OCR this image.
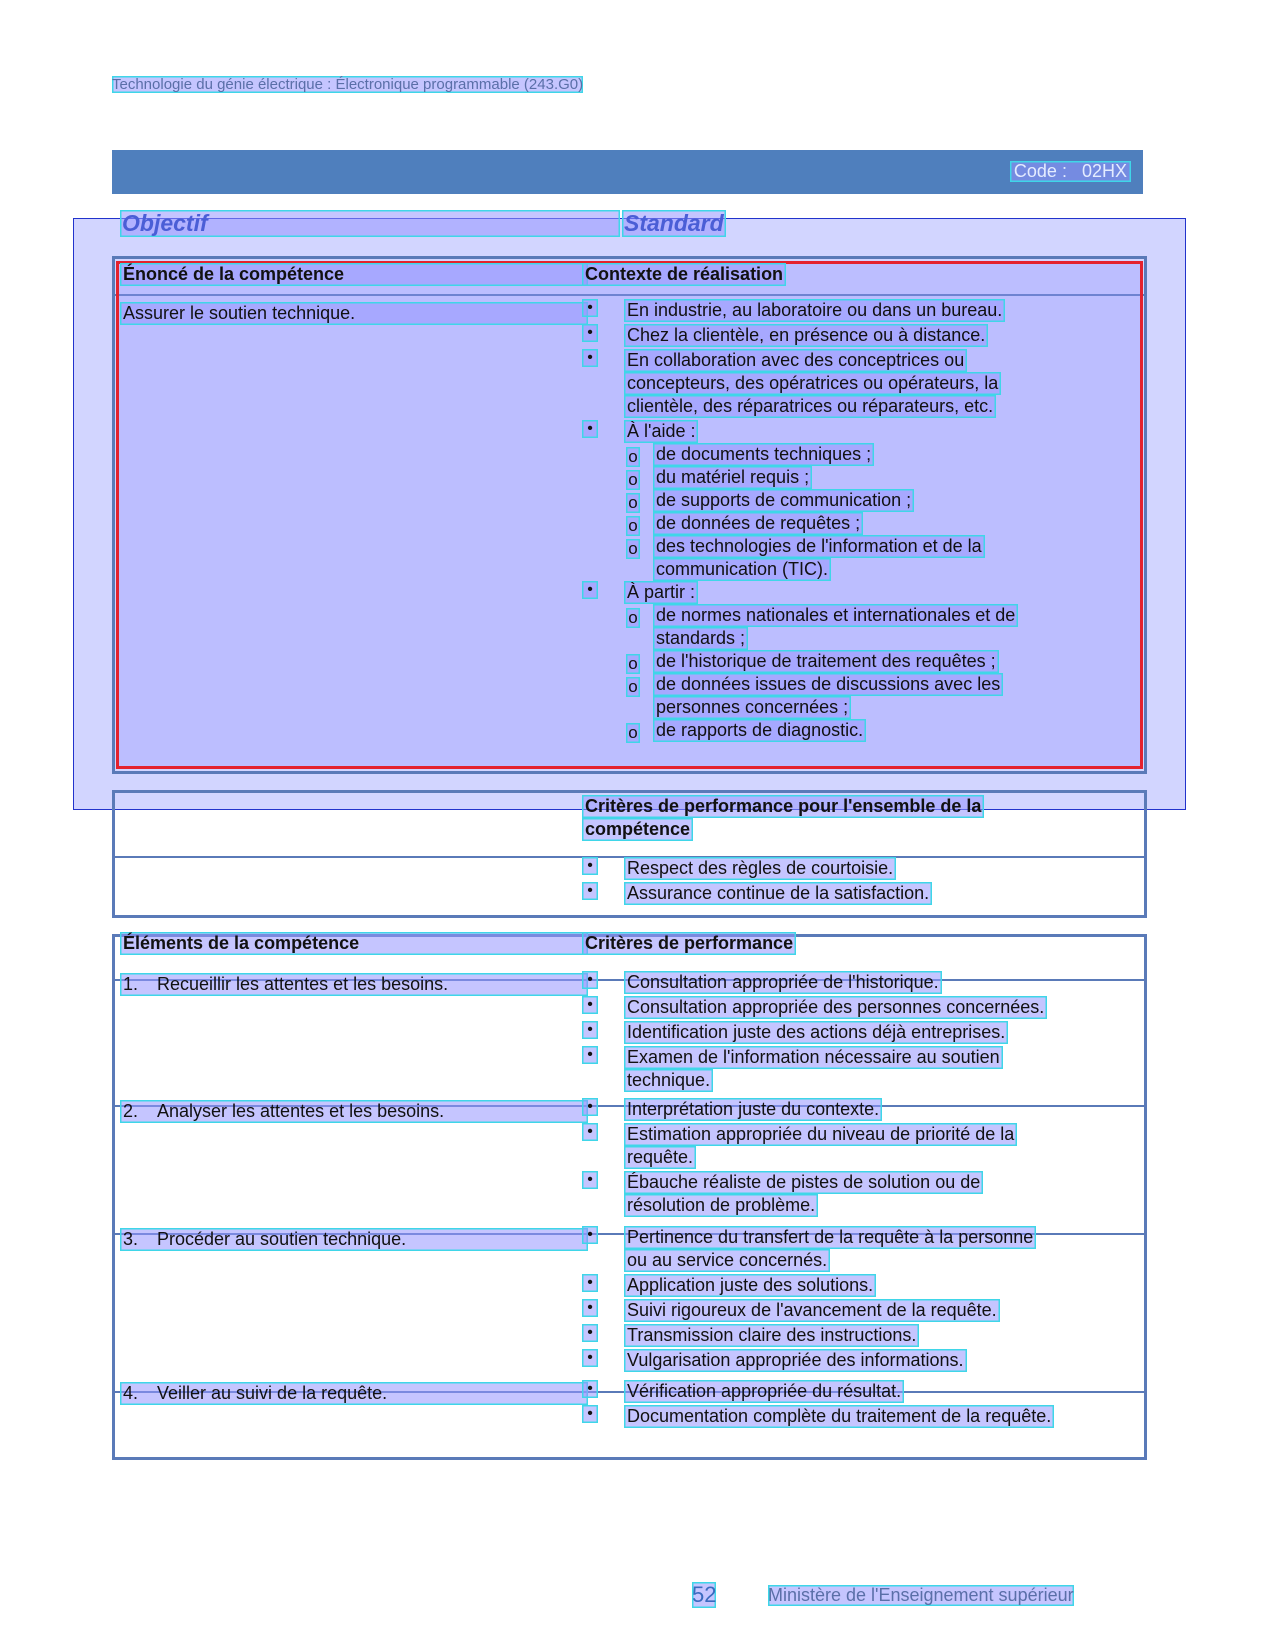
Technologie du génie électrique : Électronique programmable (243.G0)
Code : 02HX
Objectif	Standard
Énoncé de la compétence	Contexte de réalisation
Assurer le soutien technique.	• En industrie, au laboratoire ou dans un bureau.
• Chez la clientèle, en présence ou à distance.
• En collaboration avec des conceptrices ou
concepteurs, des opératrices ou opérateurs, la
clientèle, des réparatrices ou réparateurs, etc.
• À l'aide :
o de documents techniques ;
o du matériel requis ;
o de supports de communication ;
o de données de requêtes ;
o des technologies de l'information et de la
communication (TIC).
• À partir :
o de normes nationales et internationales et de
standards ;
o de l'historique de traitement des requêtes ;
o de données issues de discussions avec les
personnes concernées ;
o de rapports de diagnostic.
Critères de performance pour l'ensemble de la
compétence
• Respect des règles de courtoisie.
• Assurance continue de la satisfaction.
Éléments de la compétence	Critères de performance
1. Recueillir les attentes et les besoins.	• Consultation appropriée de l'historique.
• Consultation appropriée des personnes concernées.
• Identification juste des actions déjà entreprises.
• Examen de l'information nécessaire au soutien
technique.
2. Analyser les attentes et les besoins.	• Interprétation juste du contexte.
• Estimation appropriée du niveau de priorité de la
requête.
• Ébauche réaliste de pistes de solution ou de
résolution de problème.
3. Procéder au soutien technique.	• Pertinence du transfert de la requête à la personne
ou au service concernés.
• Application juste des solutions.
• Suivi rigoureux de l'avancement de la requête.
• Transmission claire des instructions.
• Vulgarisation appropriée des informations.
4. Veiller au suivi de la requête.	• Vérification appropriée du résultat.
• Documentation complète du traitement de la requête.
52	Ministère de l'Enseignement supérieur
